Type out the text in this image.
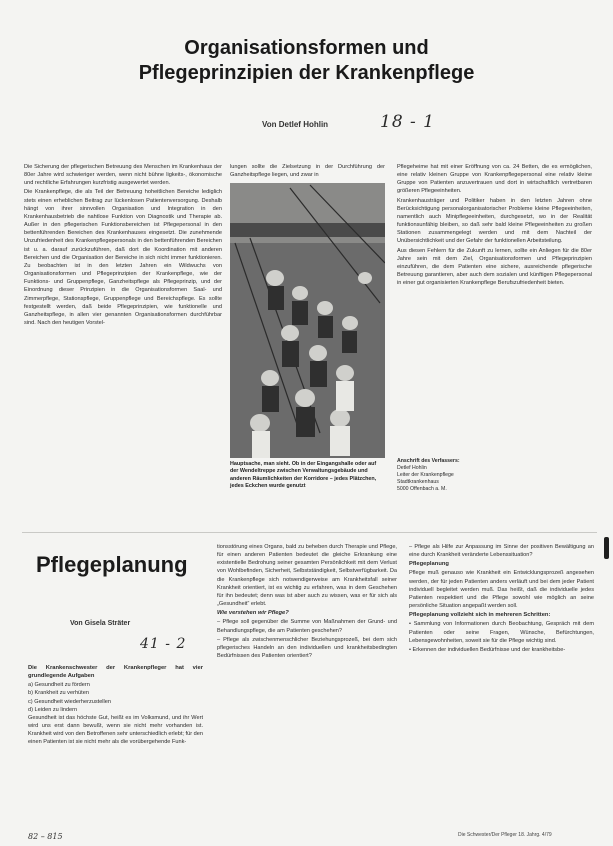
Organisationsformen und
Pflegeprinzipien der Krankenpflege
Von Detlef Hohlin	18 - 1

Die Sicherung der pflegerischen Betreuung des Menschen im Krankenhaus der 80er Jahre wird schwieriger werden, wenn nicht bühne ligkeits-, ökonomische und rechtliche Erfahrungen kurzfristig ausgewertet werden.

Die Krankenpflege, die als Teil der Betreuung hoheitlichen Bereiche lediglich stets einen erheblichen Beitrag zur lückenlosen Patientenversorgung. Deshalb hängt von ihrer sinnvollen Organisation und Integration in den Krankenhausbetrieb die nahtlose Funktion von Diagnostik und Therapie ab. Außer in den pflegerischen Funktionsbereichen ist Pflegepersonal in den bettenführenden Bereichen des Krankenhauses eingesetzt. Die zunehmende Unzufriedenheit des Krankenpflegepersonals in den bettenführenden Bereichen ist u. a. darauf zurückzuführen, daß dort die Koordination mit anderen Bereichen und die Organisation der Bereiche in sich nicht immer funktionieren. Zu beobachten ist in den letzten Jahren ein Wildwuchs von Organisationsformen und Pflegeprinzipien der Krankenpflege, wie der Funktions- und Gruppenpflege, Ganzheitspflege als Pflegeprinzip, und der Einordnung dieser Prinzipien in die Organisationsformen Saal- und Zimmerpflege, Stationspflege, Gruppenpflege und Bereichspflege. Es sollte festgestellt werden, daß beide Pflegeprinzipien, wie funktionelle und Ganzheitspflege, in allen vier genannten Organisationsformen durchführbar sind. Nach den heutigen Vorstel-

lungen sollte die Zielsetzung in der Durchführung der Ganzheitspflege liegen, und zwar in

Hauptsache, man sieht. Ob in der Eingangshalle oder auf der Wendeltreppe zwischen Verwaltungsgebäude und anderen Räumlichkeiten der Korridore – jedes Plätzchen, jedes Eckchen wurde genutzt

Pflegeheime hat mit einer Eröffnung von ca. 24 Betten, die es ermöglichen, eine relativ kleinen Gruppe von Krankenpflegepersonal eine relativ kleine Gruppe von Patienten anzuvertrauen und dort in wirtschaftlich vertretbaren größeren Pflegeeinheiten.

Krankenhausträger und Politiker haben in den letzten Jahren ohne Berücksichtigung personalorganisatorischer Probleme kleine Pflegeeinheiten, namentlich auch Minipflegeeinheiten, durchgesetzt, wo in der Realität funktionsunfähig bleiben, so daß sehr bald kleine Pflegeeinheiten zu großen Stationen zusammengelegt werden und mit dem Nachteil der Unübersichtlichkeit und der Gefahr der funktionellen Arbeitsteilung.

Aus diesen Fehlern für die Zukunft zu lernen, sollte ein Anliegen für die 80er Jahre sein mit dem Ziel, Organisationsformen und Pflegeprinzipien einzuführen, die dem Patienten eine sichere, ausreichende pflegerische Betreuung garantieren, aber auch dem sozialen und künftigen Pflegepersonal in einer gut organisierten Krankenpflege Berufszufriedenheit bieten.

Anschrift des Verfassers:
Detlef Hohlin
Leiter der Krankenpflege
Stadtkrankenhaus
5000 Offenbach a. M.
Pflegeplanung
Von Gisela Sträter
41 - 2

Die Krankenschwester der Krankenpfleger hat vier grundlegende Aufgaben

a) Gesundheit zu fördern
b) Krankheit zu verhüten
c) Gesundheit wiederherzustellen
d) Leiden zu lindern

Gesundheit ist das höchste Gut, heißt es im Volksmund, und ihr Wert wird uns erst dann bewußt, wenn sie nicht mehr vorhanden ist. Krankheit wird von den Betroffenen sehr unterschiedlich erlebt; für den einen Patienten ist sie nicht mehr als die vorübergehende Funk-

tionsstörung eines Organs, bald zu beheben durch Therapie und Pflege, für einen anderen Patienten bedeutet die gleiche Erkrankung eine existentielle Bedrohung seiner gesamten Persönlichkeit mit dem Verlust von Wohlbefinden, Sicherheit, Selbstständigkeit, Selbstverfügbarkeit. Da die Krankenpflege sich notwendigerweise am Krankheitsfall seiner Krankheit orientiert, ist es wichtig zu erfahren, was in dem Geschehen für ihn bedeutet; denn was ist aber auch zu wissen, was er für sich als „Gesundheit“ erlebt.

Wie verstehen wir Pflege?

– Pflege soll gegenüber die Summe von Maßnahmen der Grund- und Behandlungspflege, die am Patienten geschehen?

– Pflege als zwischenmenschlicher Beziehungsprozeß, bei dem sich pflegerisches Handeln an den individuellen und krankheitsbedingten Bedürfnissen des Patienten orientiert?

– Pflege als Hilfe zur Anpassung im Sinne der positiven Bewältigung an eine durch Krankheit veränderte Lebenssituation?

Pflegeplanung

Pflege muß genauso wie Krankheit ein Entwicklungsprozeß angesehen werden, der für jeden Patienten anders verläuft und bei dem jeder Patient individuell begleitet werden muß. Das heißt, daß die individuelle jedes Patienten respektiert und die Pflege sowohl wie möglich an seine persönliche Situation angepaßt werden soll.

Pflegeplanung vollzieht sich in mehreren Schritten:

• Sammlung von Informationen durch Beobachtung, Gespräch mit dem Patienten oder seine Fragen, Wünsche, Befürchtungen, Lebensgewohnheiten, soweit sie für die Pflege wichtig sind.

• Erkennen der individuellen Bedürfnisse und der krankheitsbe-

82 – 815	Die Schwester/Der Pfleger 18. Jahrg. 4/79
